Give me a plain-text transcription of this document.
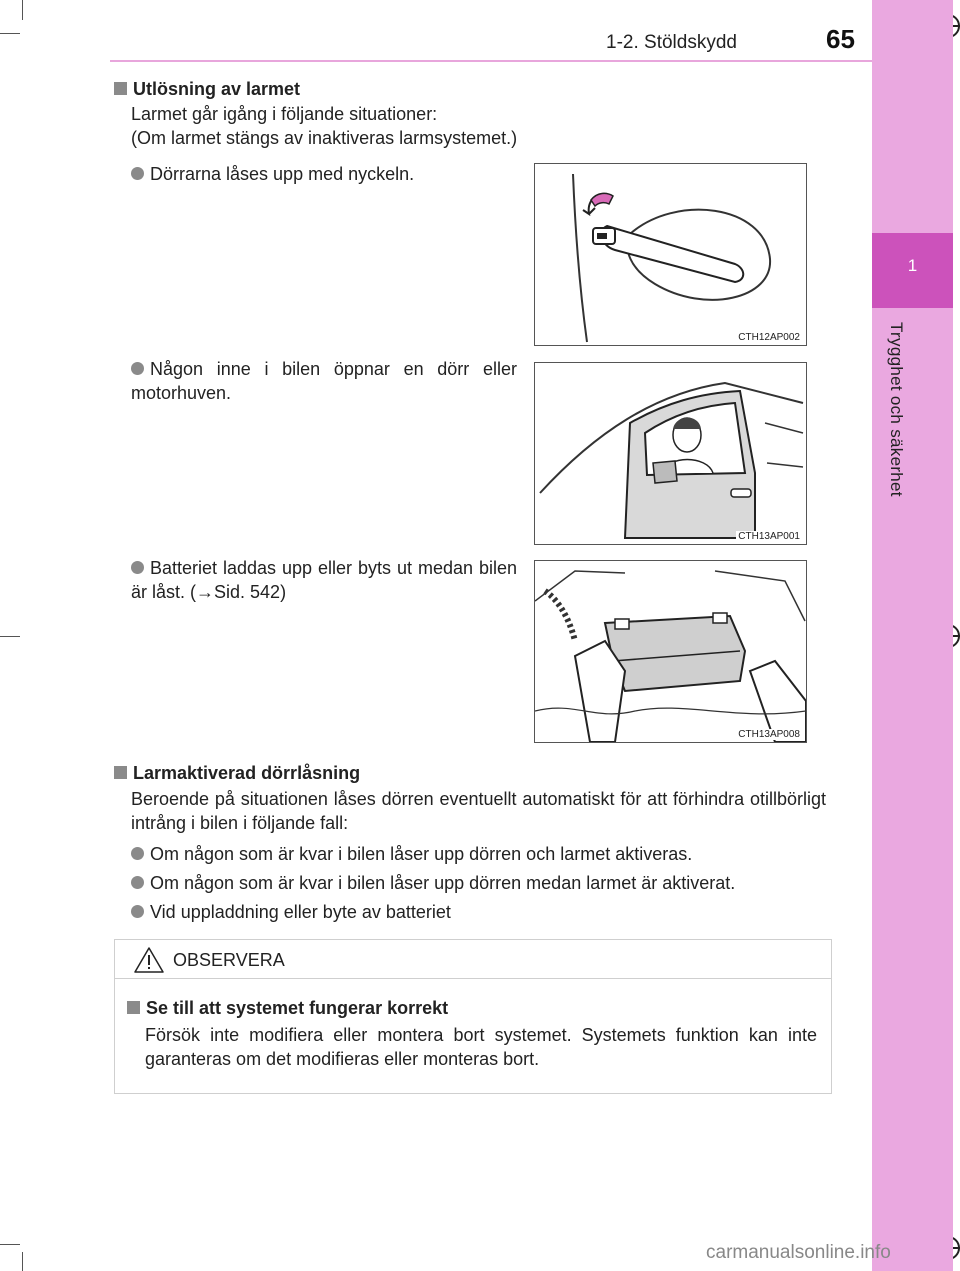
1-2. Stöldskydd	65
1
Trygghet och säkerhet
Utlösning av larmet
Larmet går igång i följande situationer:
(Om larmet stängs av inaktiveras larmsystemet.)
Dörrarna låses upp med nyckeln.
Någon inne i bilen öppnar en dörr eller motorhuven.
Batteriet laddas upp eller byts ut medan bilen är låst. (→Sid. 542)
CTH12AP002
CTH13AP001
CTH13AP008
Larmaktiverad dörrlåsning
Beroende på situationen låses dörren eventuellt automatiskt för att förhindra otillbörligt intrång i bilen i följande fall:
Om någon som är kvar i bilen låser upp dörren och larmet aktiveras.
Om någon som är kvar i bilen låser upp dörren medan larmet är aktiverat.
Vid uppladdning eller byte av batteriet
OBSERVERA
Se till att systemet fungerar korrekt
Försök inte modifiera eller montera bort systemet. Systemets funktion kan inte garanteras om det modifieras eller monteras bort.
carmanualsonline.info
